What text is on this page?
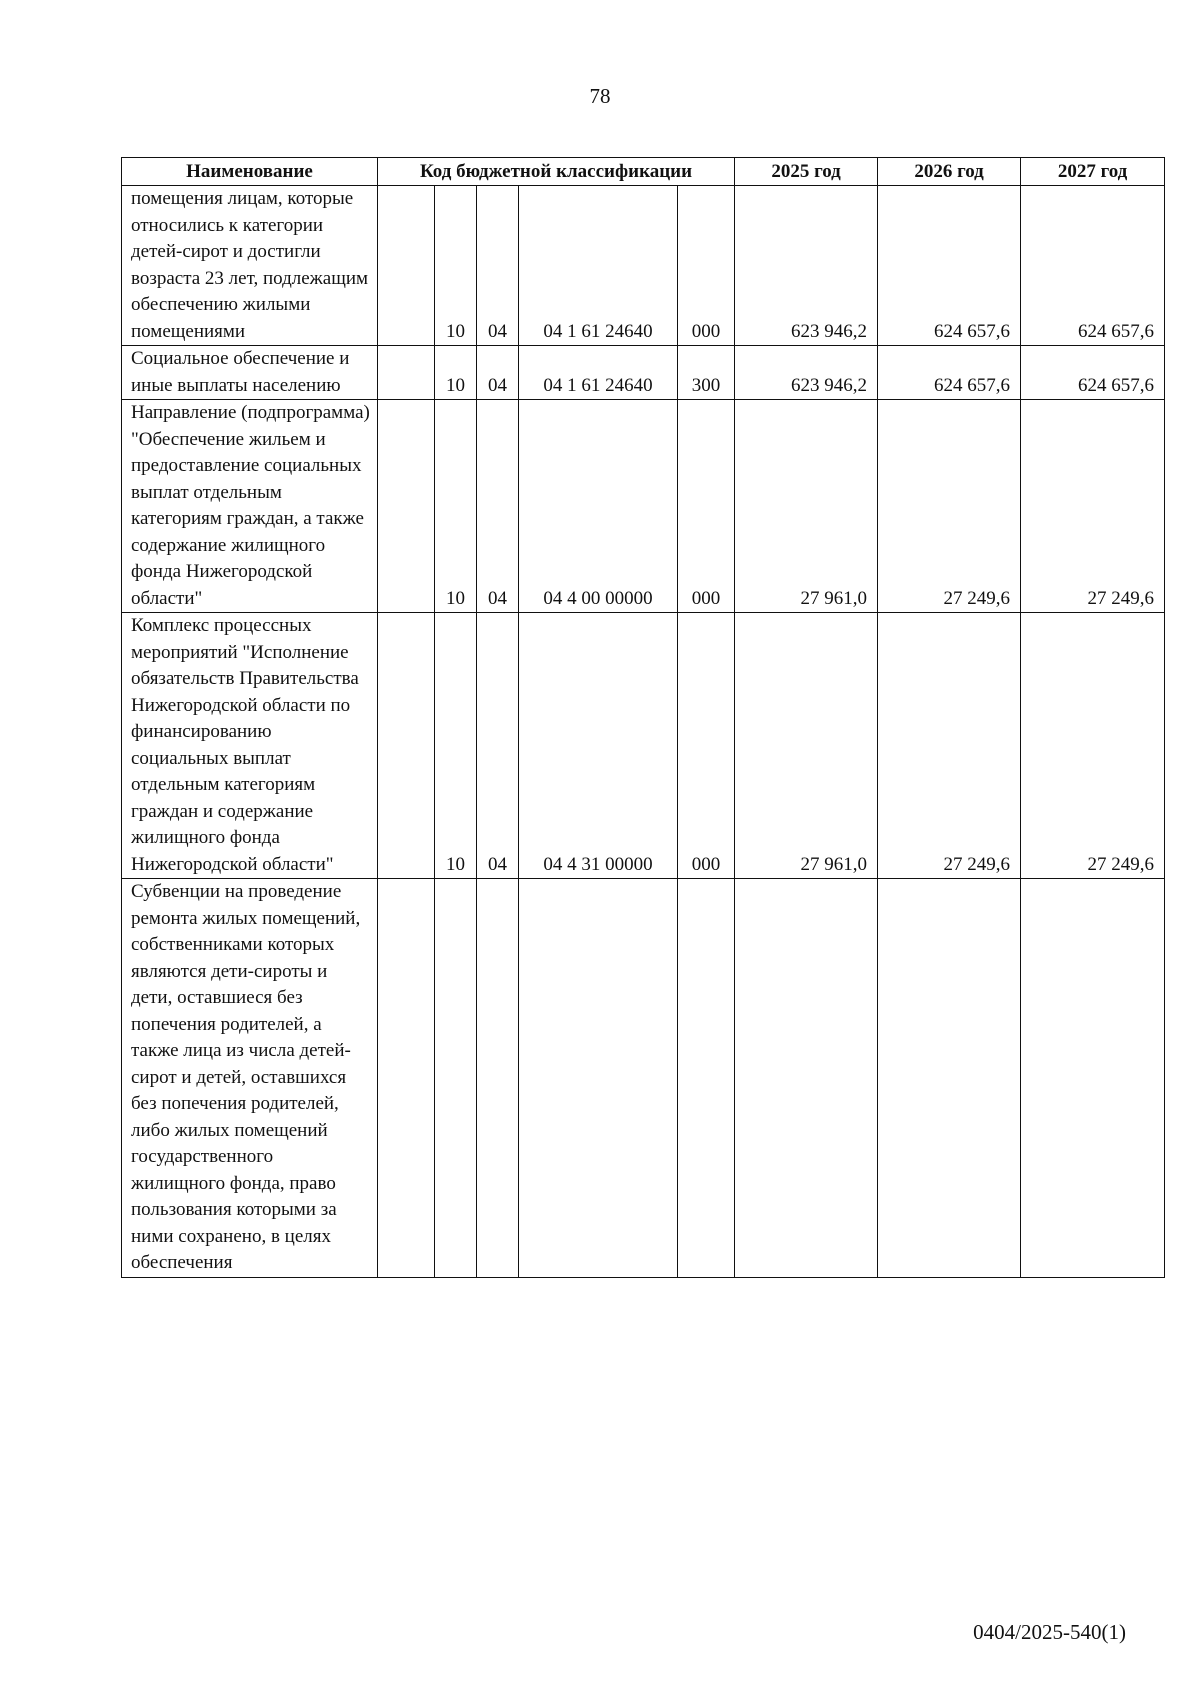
78
Наименование	Код бюджетной классификации					2025 год	2026 год	2027 год
помещения лицам, которые относились к категории детей-сирот и достигли возраста 23 лет, подлежащим обеспечению жилыми помещениями		10	04	04 1 61 24640	000	623 946,2	624 657,6	624 657,6
Социальное обеспечение и иные выплаты населению		10	04	04 1 61 24640	300	623 946,2	624 657,6	624 657,6
Направление (подпрограмма) "Обеспечение жильем и предоставление социальных выплат отдельным категориям граждан, а также содержание жилищного фонда Нижегородской области"		10	04	04 4 00 00000	000	27 961,0	27 249,6	27 249,6
Комплекс процессных мероприятий "Исполнение обязательств Правительства Нижегородской области по финансированию социальных выплат отдельным категориям граждан и содержание жилищного фонда Нижегородской области"		10	04	04 4 31 00000	000	27 961,0	27 249,6	27 249,6
Субвенции на проведение ремонта жилых помещений, собственниками которых являются дети-сироты и дети, оставшиеся без попечения родителей, а также лица из числа детей-сирот и детей, оставшихся без попечения родителей, либо жилых помещений государственного жилищного фонда, право пользования которыми за ними сохранено, в целях обеспечения								
0404/2025-540(1)
